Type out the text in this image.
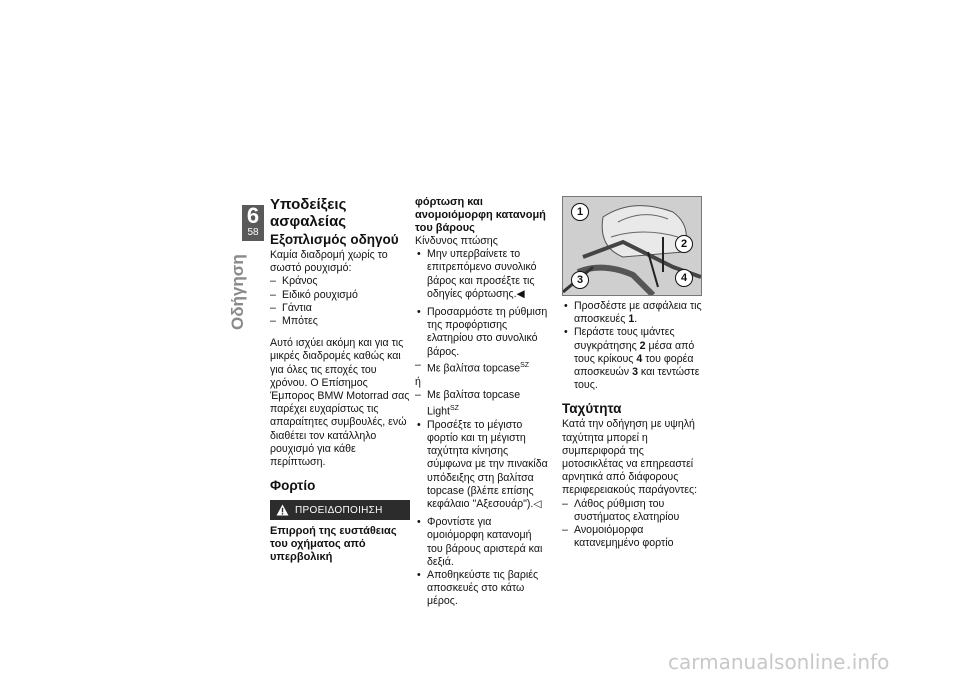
6
58
Οδήγηση
Υποδείξεις ασφαλείας
Εξοπλισμός οδηγού

Καμία διαδρομή χωρίς το σωστό ρουχισμό:

– Κράνος
– Ειδικό ρουχισμό
– Γάντια
– Μπότες

Αυτό ισχύει ακόμη και για τις μικρές διαδρομές καθώς και για όλες τις εποχές του χρόνου. Ο Επίσημος Έμπορος BMW Motorrad σας παρέχει ευχαρίστως τις απαραίτητες συμβουλές, ενώ διαθέτει τον κατάλληλο ρουχισμό για κάθε περίπτωση.

Φορτίο
ΠΡΟΕΙΔΟΠΟΙΗΣΗ
Επιρροή της ευστάθειας του οχήματος από υπερβολική
φόρτωση και ανομοιόμορφη κατανομή του βάρους

Κίνδυνος πτώσης

• Μην υπερβαίνετε το επιτρεπόμενο συνολικό βάρος και προσέξτε τις οδηγίες φόρτωσης.◀
• Προσαρμόστε τη ρύθμιση της προφόρτισης ελατηρίου στο συνολικό βάρος.
– Με βαλίτσα topcase$^{SZ}$

ή

– Με βαλίτσα topcase Light$^{SZ}$
• Προσέξτε το μέγιστο φορτίο και τη μέγιστη ταχύτητα κίνησης σύμφωνα με την πινακίδα υπόδειξης στη βαλίτσα topcase (βλέπε επίσης κεφάλαιο "Αξεσουάρ").◁
• Φροντίστε για ομοιόμορφη κατανομή του βάρους αριστερά και δεξιά.
• Αποθηκεύστε τις βαριές αποσκευές στο κάτω μέρος.
1
2
3	4
• Προσδέστε με ασφάλεια τις αποσκευές 1.
• Περάστε τους ιμάντες συγκράτησης 2 μέσα από τους κρίκους 4 του φορέα αποσκευών 3 και τεντώστε τους.
Ταχύτητα

Κατά την οδήγηση με υψηλή ταχύτητα μπορεί η συμπεριφορά της μοτοσικλέτας να επηρεαστεί αρνητικά από διάφορους περιφερειακούς παράγοντες:

– Λάθος ρύθμιση του συστήματος ελατηρίου
– Ανομοιόμορφα κατανεμημένο φορτίο
carmanualsonline.info
